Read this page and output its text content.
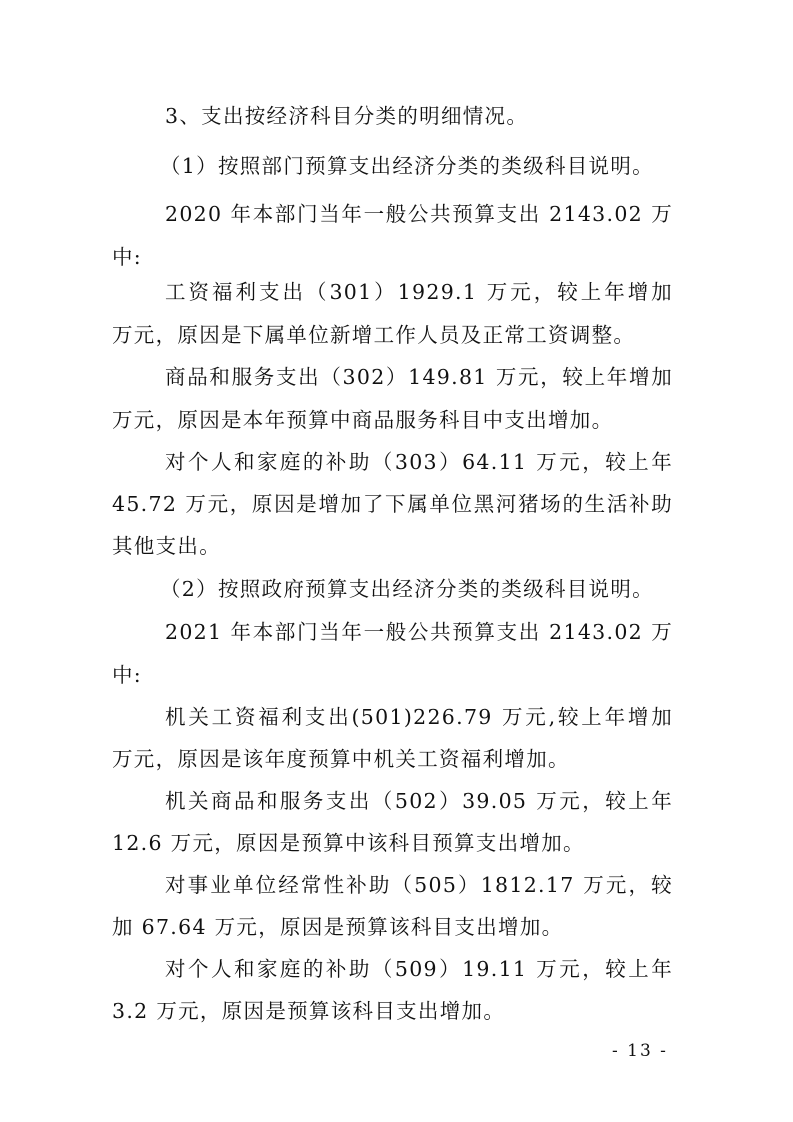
3、支出按经济科目分类的明细情况。
（1）按照部门预算支出经济分类的类级科目说明。
2020 年本部门当年一般公共预算支出 2143.02 万
中:
工资福利支出（301）1929.1 万元，较上年增加
万元，原因是下属单位新增工作人员及正常工资调整。
商品和服务支出（302）149.81 万元，较上年增加
万元，原因是本年预算中商品服务科目中支出增加。
对个人和家庭的补助（303）64.11 万元，较上年
45.72 万元，原因是增加了下属单位黑河猪场的生活补助
其他支出。
（2）按照政府预算支出经济分类的类级科目说明。
2021 年本部门当年一般公共预算支出 2143.02 万
中:
机关工资福利支出(501)226.79 万元,较上年增加
万元，原因是该年度预算中机关工资福利增加。
机关商品和服务支出（502）39.05 万元，较上年
12.6 万元，原因是预算中该科目预算支出增加。
对事业单位经常性补助（505）1812.17 万元，较
加 67.64 万元，原因是预算该科目支出增加。
对个人和家庭的补助（509）19.11 万元，较上年
3.2 万元，原因是预算该科目支出增加。
- 13 -
